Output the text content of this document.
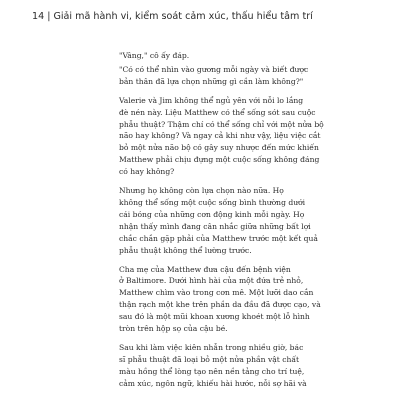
14 | Giải mã hành vi, kiểm soát cảm xúc, thấu hiểu tâm trí

"Vâng," cô ấy đáp.

"Có có thể nhìn vào gương mỗi ngày và biết được
bản thân đã lựa chọn những gì cần làm không?"

Valerie và Jim không thể ngủ yên với nỗi lo lắng
đè nén này. Liệu Matthew có thể sống sót sau cuộc
phẫu thuật? Thậm chí có thể sống chỉ với một nửa bộ
não hay không? Và ngay cả khi như vậy, liệu việc cắt
bỏ một nửa não bộ có gây suy nhược đến mức khiến
Matthew phải chịu đựng một cuộc sống không đáng
có hay không?

Nhưng họ không còn lựa chọn nào nữa. Họ
không thể sống một cuộc sống bình thường dưới
cái bóng của những cơn động kinh mỗi ngày. Họ
nhận thấy mình đang cân nhắc giữa những bất lợi
chắc chắn gặp phải của Matthew trước một kết quả
phẫu thuật không thể lường trước.

Cha mẹ của Matthew đưa cậu đến bệnh viện
ở Baltimore. Dưới hình hài của một đứa trẻ nhỏ,
Matthew chìm vào trong cơn mê. Một lưỡi dao cắn
thận rạch một khe trên phần da đầu đã được cạo, và
sau đó là một mũi khoan xương khoét một lỗ hình
tròn trên hộp sọ của cậu bé.

Sau khi làm việc kiên nhẫn trong nhiều giờ, bác
sĩ phẫu thuật đã loại bỏ một nửa phần vật chất
màu hồng thể lòng tạo nên nền tảng cho trí tuệ,
cảm xúc, ngôn ngữ, khiếu hài hước, nỗi sợ hãi và
